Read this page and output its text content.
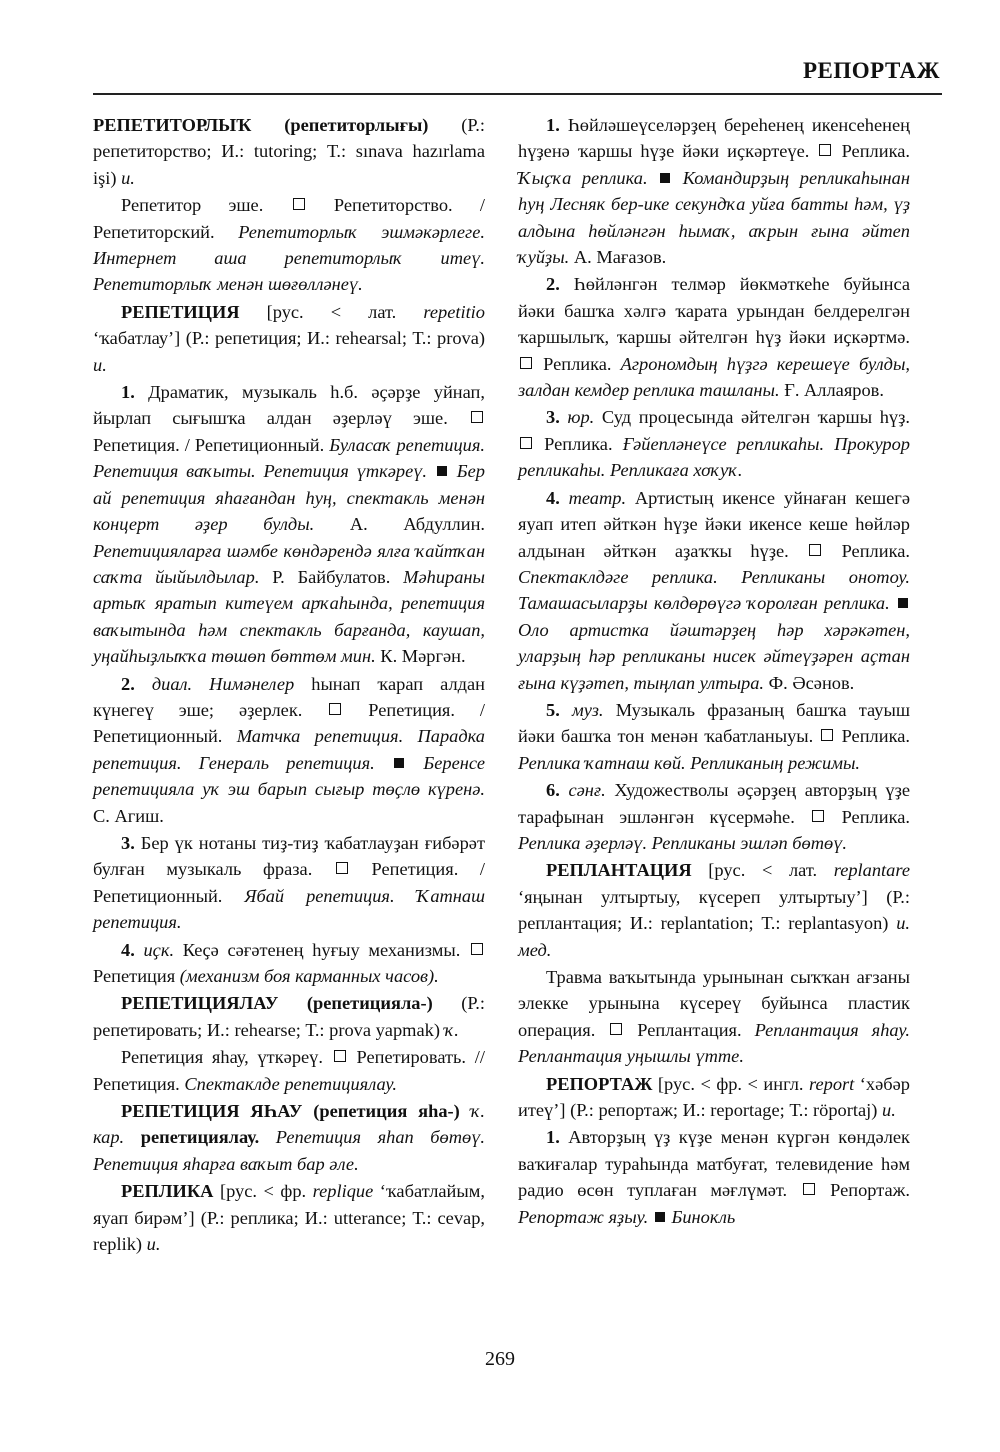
РЕПОРТАЖ

РЕПЕТИТОРЛЫҠ (репетиторлығы) (Р.: репетиторство; И.: tutoring; Т.: sınava hazırlama işi) и.

Репетитор эше.  Репетиторство. / Репетиторский. Репетиторлыҡ эшмәкәрлеге. Интернет аша репетиторлыҡ итеү. Репетиторлыҡ менән шөғөлләнеү.

РЕПЕТИЦИЯ [рус. < лат. repetitio ‘ҡабатлау’] (Р.: репетиция; И.: rehearsal; Т.: prova) и.

1. Драматик, музыкаль һ.б. әҫәрҙе уйнап, йырлап сығышҡа алдан әҙерләү эше.  Репетиция. / Репетиционный. Буласаҡ репетиция. Репетиция ваҡыты. Репетиция үткәреү. Бер ай репетиция яһағандан һуң, спектакль менән концерт әҙер булды. А. Абдуллин. Репетицияларға шәмбе көндәрендә ялға ҡайтҡан саҡта йыйылдылар. Р. Байбулатов. Мәһираны артыҡ яратып китеүем арҡаһында, репетиция ваҡытында һәм спектакль барғанда, каушап, уңайһыҙлыҡҡа төшөп бөттөм мин. К. Мәргән.

2. диал. Нимәнелер һынап ҡарап алдан күнегеү эше; әҙерлек.  Репетиция. / Репетиционный. Матчка репетиция. Парадка репетиция. Генераль репетиция.	Беренсе репетицияла уҡ эш барып сығыр төҫлө күренә. С. Агиш.

3. Бер үк нотаны тиҙ-тиҙ ҡабатлауҙан ғибәрәт булған музыкаль фраза.  Репетиция. / Репетиционный. Ябай репетиция. Ҡатнаш репетиция.

4. иҫк. Кеҫә сәғәтенең һуғыу механизмы.  Репетиция (механизм боя карманных часов).

РЕПЕТИЦИЯЛАУ (репетицияла-) (Р.: репетировать; И.: rehearse; Т.: prova yapmak) ҡ.

Репетиция яһау, үткәреү.  Репетировать. // Репетиция. Спектаклде репетициялау.

РЕПЕТИЦИЯ ЯҺАУ (репетиция яһа-) ҡ. кар. репетициялау. Репетиция яһап бөтөү. Репетиция яһарға ваҡыт бар әле.

РЕПЛИКА [рус. < фр. replique ‘ҡабатлайым, яуап бирәм’] (Р.: реплика; И.: utterance; Т.: cevap, replik) и.

1. Һөйләшеүселәрҙең береһенең икенсеһенең һүҙенә ҡаршы һүҙе йәки иҫкәртеүе.  Реплика. Ҡыҫҡа реплика. Командирҙың репликаһынан һуң Лесняк бер-ике секундҡа уйға батты һәм, үҙ алдына һөйләнгән һымаҡ, аҡрын ғына әйтеп ҡуйҙы. А. Мағазов.

2. Һөйләнгән телмәр йөкмәткеһе буйынса йәки башҡа хәлгә ҡарата урындан белдерелгән ҡаршылыҡ, ҡаршы әйтелгән һүҙ йәки иҫкәртмә.  Реплика. Агрономдың һүҙгә керешеүе булды, залдан кемдер реплика ташланы. Ғ. Аллаяров.

3. юр. Суд процесында әйтелгән ҡаршы һүҙ.  Реплика. Ғәйепләнеүсе репликаһы. Прокурор репликаһы. Репликаға хоҡуҡ.

4. театр. Артистың икенсе уйнаған кешегә яуап итеп әйткән һүҙе йәки икенсе кеше һөйләр алдынан әйткән аҙаҡҡы һүҙе.  Реплика. Спектаклдәге реплика. Репликаны онотоу. Тамашасыларҙы көлдөрөүгә ҡоролған реплика.  Оло артистка йәштәрҙең һәр хәрәкәтен, уларҙың һәр репликаны нисек әйтеүҙәрен аҫтан ғына күҙәтеп, тыңлап ултыра. Ф. Әсәнов.

5. муз. Музыкаль фразаның башҡа тауыш йәки башҡа тон менән ҡабатланыуы.  Реплика. Реплика ҡатнаш көй. Репликаның режимы.

6. сәнғ. Художестволы әҫәрҙең авторҙың үҙе тарафынан эшләнгән күсермәһе.  Реплика. Реплика әҙерләү. Репликаны эшләп бөтөү.

РЕПЛАНТАЦИЯ [рус. < лат. replantare ‘яңынан ултыртыу, күсереп ултыртыу’] (Р.: реплантация; И.: replantation; Т.: replantasyon) и. мед.

Травма ваҡытында урынынан сыҡҡан ағзаны элекке урынына күсереү буйынса пластик операция.  Реплантация. Реплантация яһау. Реплантация уңышлы үтте.

РЕПОРТАЖ [рус. < фр. < ингл. report ‘хәбәр итеү’] (Р.: репортаж; И.: reportage; Т.: röportaj) и.

1. Авторҙың үҙ күҙе менән күргән көндәлек ваҡиғалар тураһында матбуғат, телевидение һәм радио өсөн туплаған мәғлүмәт.  Репортаж. Репортаж яҙыу. Бинокль

269
